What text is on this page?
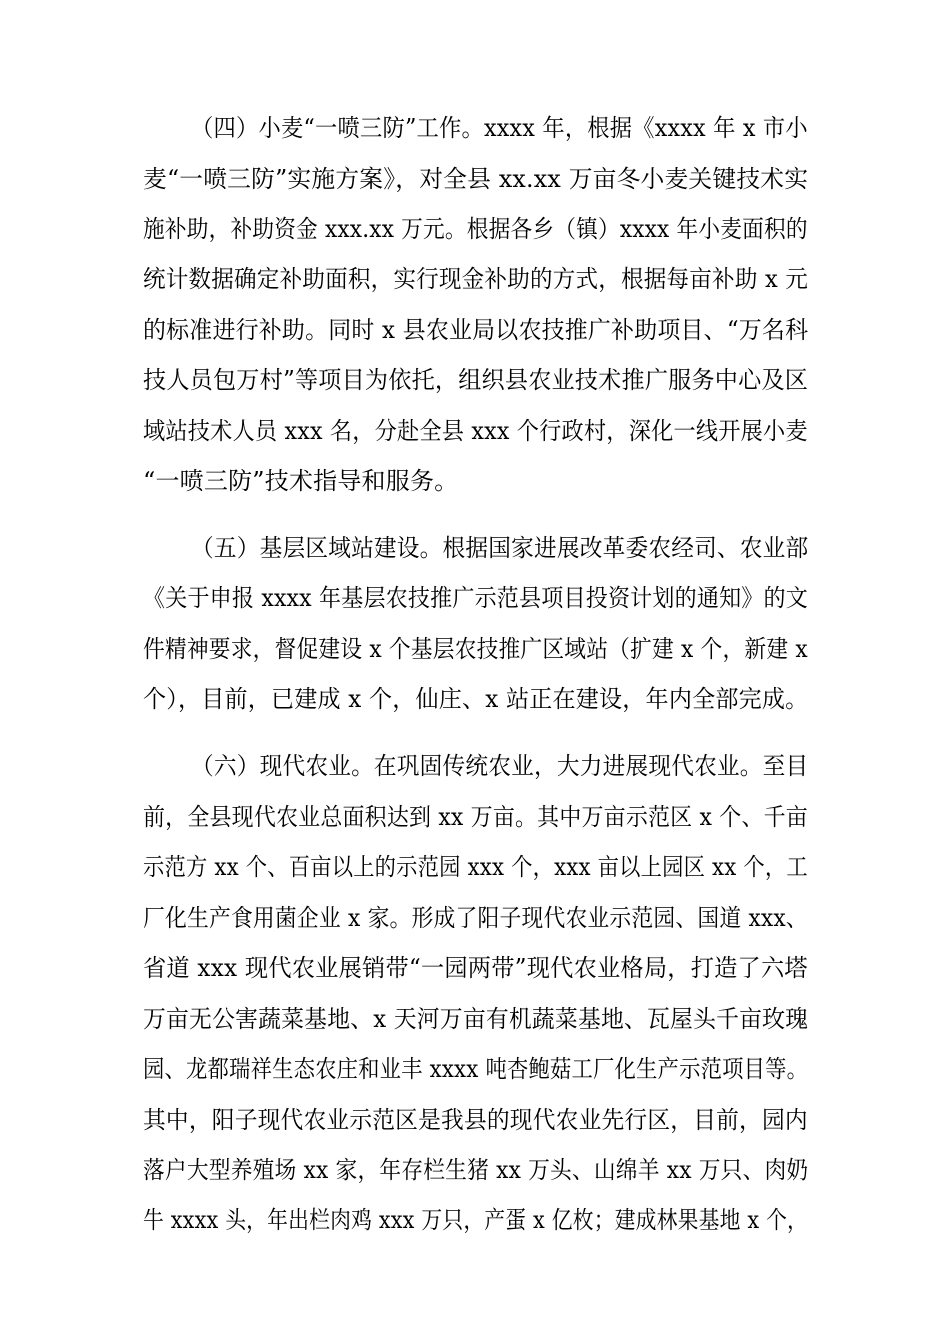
（四）小麦“一喷三防”工作。xxxx 年，根据《xxxx 年 x 市小
麦“一喷三防”实施方案》，对全县 xx.xx 万亩冬小麦关键技术实
施补助，补助资金 xxx.xx 万元。根据各乡（镇）xxxx 年小麦面积的
统计数据确定补助面积，实行现金补助的方式，根据每亩补助 x 元
的标准进行补助。同时 x 县农业局以农技推广补助项目、“万名科
技人员包万村”等项目为依托，组织县农业技术推广服务中心及区
域站技术人员 xxx 名，分赴全县 xxx 个行政村，深化一线开展小麦
“一喷三防”技术指导和服务。
（五）基层区域站建设。根据国家进展改革委农经司、农业部
《关于申报 xxxx 年基层农技推广示范县项目投资计划的通知》的文
件精神要求，督促建设 x 个基层农技推广区域站（扩建 x 个，新建 x
个），目前，已建成 x 个，仙庄、x 站正在建设，年内全部完成。
（六）现代农业。在巩固传统农业，大力进展现代农业。至目
前，全县现代农业总面积达到 xx 万亩。其中万亩示范区 x 个、千亩
示范方 xx 个、百亩以上的示范园 xxx 个，xxx 亩以上园区 xx 个，工
厂化生产食用菌企业 x 家。形成了阳子现代农业示范园、国道 xxx、
省道 xxx 现代农业展销带“一园两带”现代农业格局，打造了六塔
万亩无公害蔬菜基地、x 天河万亩有机蔬菜基地、瓦屋头千亩玫瑰
园、龙都瑞祥生态农庄和业丰 xxxx 吨杏鲍菇工厂化生产示范项目等。
其中，阳子现代农业示范区是我县的现代农业先行区，目前，园内
落户大型养殖场 xx 家，年存栏生猪 xx 万头、山绵羊 xx 万只、肉奶
牛 xxxx 头，年出栏肉鸡 xxx 万只，产蛋 x 亿枚；建成林果基地 x 个，
